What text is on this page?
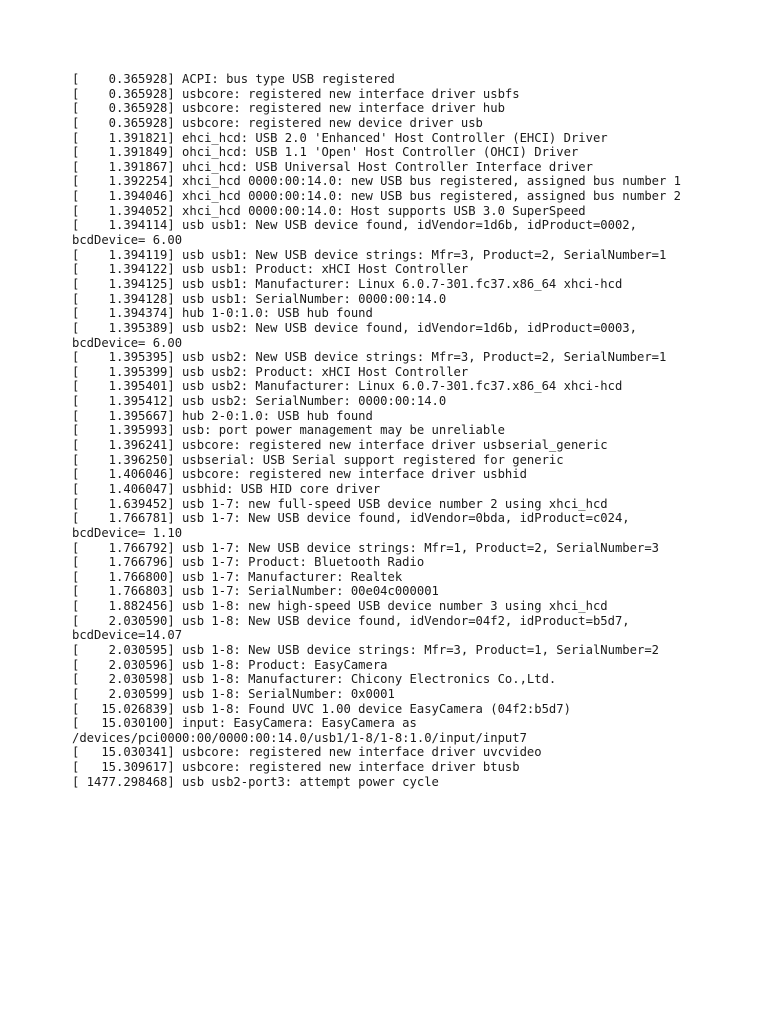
[    0.365928] ACPI: bus type USB registered
[    0.365928] usbcore: registered new interface driver usbfs
[    0.365928] usbcore: registered new interface driver hub
[    0.365928] usbcore: registered new device driver usb
[    1.391821] ehci_hcd: USB 2.0 'Enhanced' Host Controller (EHCI) Driver
[    1.391849] ohci_hcd: USB 1.1 'Open' Host Controller (OHCI) Driver
[    1.391867] uhci_hcd: USB Universal Host Controller Interface driver
[    1.392254] xhci_hcd 0000:00:14.0: new USB bus registered, assigned bus number 1
[    1.394046] xhci_hcd 0000:00:14.0: new USB bus registered, assigned bus number 2
[    1.394052] xhci_hcd 0000:00:14.0: Host supports USB 3.0 SuperSpeed
[    1.394114] usb usb1: New USB device found, idVendor=1d6b, idProduct=0002,
bcdDevice= 6.00
[    1.394119] usb usb1: New USB device strings: Mfr=3, Product=2, SerialNumber=1
[    1.394122] usb usb1: Product: xHCI Host Controller
[    1.394125] usb usb1: Manufacturer: Linux 6.0.7-301.fc37.x86_64 xhci-hcd
[    1.394128] usb usb1: SerialNumber: 0000:00:14.0
[    1.394374] hub 1-0:1.0: USB hub found
[    1.395389] usb usb2: New USB device found, idVendor=1d6b, idProduct=0003,
bcdDevice= 6.00
[    1.395395] usb usb2: New USB device strings: Mfr=3, Product=2, SerialNumber=1
[    1.395399] usb usb2: Product: xHCI Host Controller
[    1.395401] usb usb2: Manufacturer: Linux 6.0.7-301.fc37.x86_64 xhci-hcd
[    1.395412] usb usb2: SerialNumber: 0000:00:14.0
[    1.395667] hub 2-0:1.0: USB hub found
[    1.395993] usb: port power management may be unreliable
[    1.396241] usbcore: registered new interface driver usbserial_generic
[    1.396250] usbserial: USB Serial support registered for generic
[    1.406046] usbcore: registered new interface driver usbhid
[    1.406047] usbhid: USB HID core driver
[    1.639452] usb 1-7: new full-speed USB device number 2 using xhci_hcd
[    1.766781] usb 1-7: New USB device found, idVendor=0bda, idProduct=c024,
bcdDevice= 1.10
[    1.766792] usb 1-7: New USB device strings: Mfr=1, Product=2, SerialNumber=3
[    1.766796] usb 1-7: Product: Bluetooth Radio
[    1.766800] usb 1-7: Manufacturer: Realtek
[    1.766803] usb 1-7: SerialNumber: 00e04c000001
[    1.882456] usb 1-8: new high-speed USB device number 3 using xhci_hcd
[    2.030590] usb 1-8: New USB device found, idVendor=04f2, idProduct=b5d7,
bcdDevice=14.07
[    2.030595] usb 1-8: New USB device strings: Mfr=3, Product=1, SerialNumber=2
[    2.030596] usb 1-8: Product: EasyCamera
[    2.030598] usb 1-8: Manufacturer: Chicony Electronics Co.,Ltd.
[    2.030599] usb 1-8: SerialNumber: 0x0001
[   15.026839] usb 1-8: Found UVC 1.00 device EasyCamera (04f2:b5d7)
[   15.030100] input: EasyCamera: EasyCamera as
/devices/pci0000:00/0000:00:14.0/usb1/1-8/1-8:1.0/input/input7
[   15.030341] usbcore: registered new interface driver uvcvideo
[   15.309617] usbcore: registered new interface driver btusb
[ 1477.298468] usb usb2-port3: attempt power cycle
